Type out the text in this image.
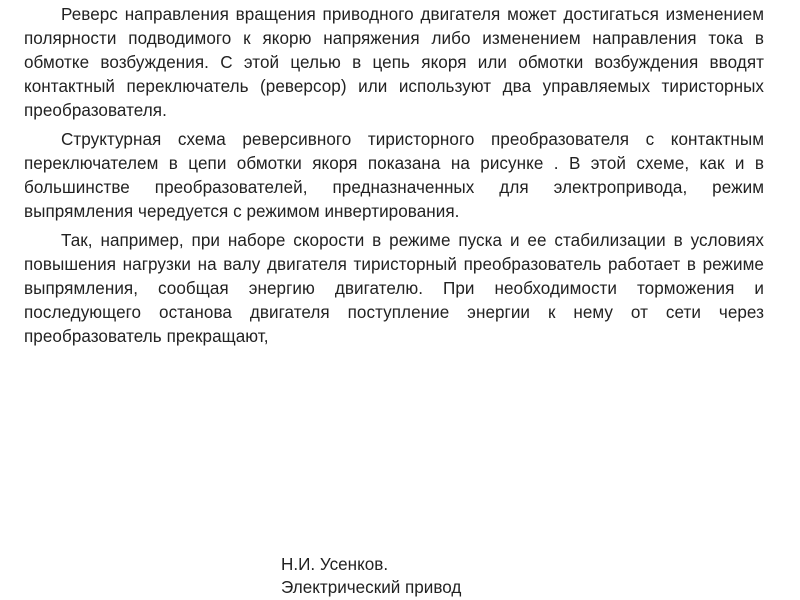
Реверс направления вращения приводного двигателя может достигаться изменением полярности подводимого к якорю напряжения либо изменением направления тока в обмотке возбуждения. С этой целью в цепь якоря или обмотки возбуждения вводят контактный переключатель (реверсор) или используют два управляемых тиристорных преобразователя.

Структурная схема реверсивного тиристорного преобразователя с контактным переключателем в цепи обмотки якоря показана на рисунке . В этой схеме, как и в большинстве преобразователей, предназначенных для электропривода, режим выпрямления чередуется с режимом инвертирования.

Так, например, при наборе скорости в режиме пуска и ее стабилизации в условиях повышения нагрузки на валу двигателя тиристорный преобразователь работает в режиме выпрямления, сообщая энергию двигателю. При необходимости торможения и последующего останова двигателя поступление энергии к нему от сети через преобразователь прекращают,

Н.И. Усенков.
Электрический привод
